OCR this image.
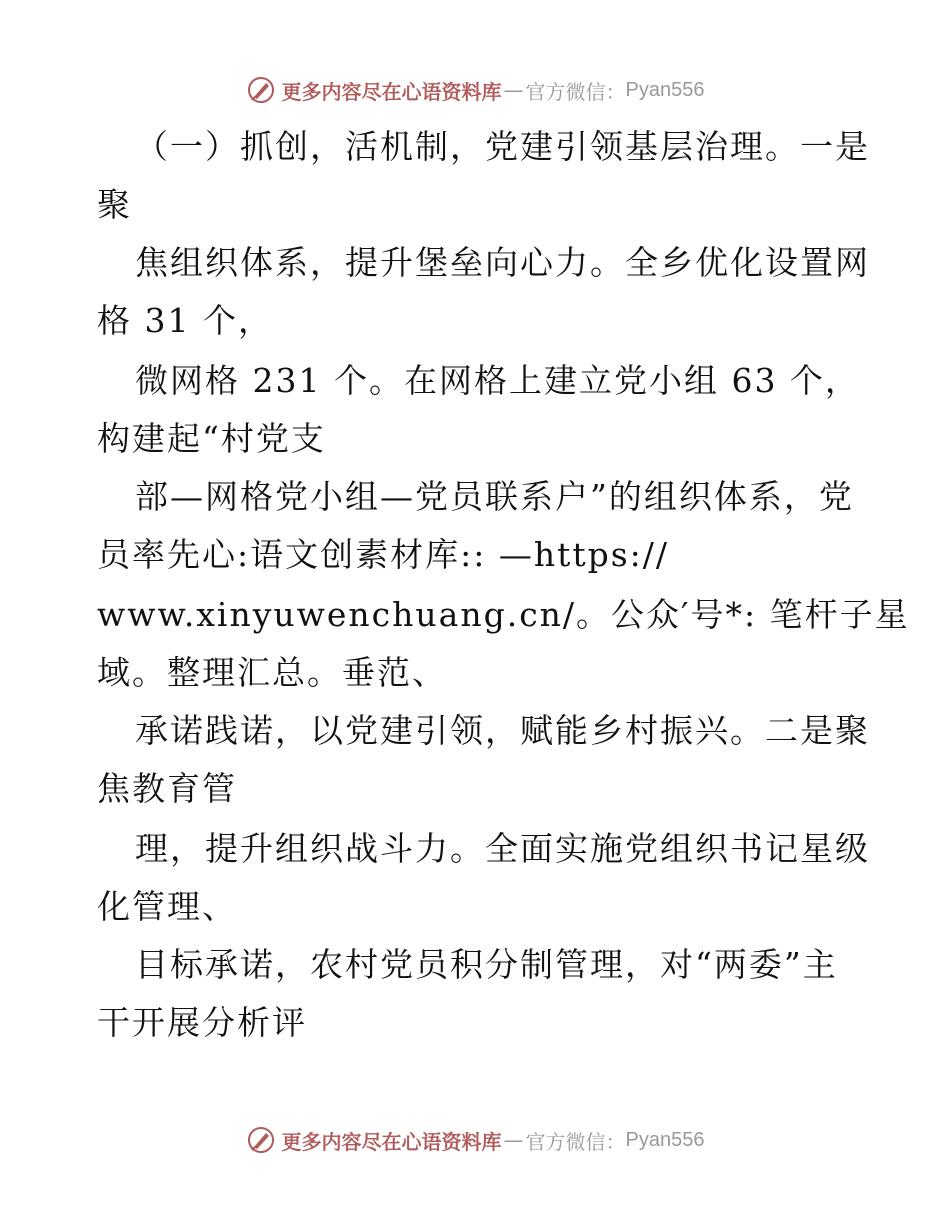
更多内容尽在心语资料库 — 官方微信： Pyan556
（一）抓创，活机制，党建引领基层治理。一是
聚
焦组织体系，提升堡垒向心力。全乡优化设置网
格 31 个，
微网格 231 个。在网格上建立党小组 63 个，
构建起“村党支
部—网格党小组—党员联系户”的组织体系，党
员率先心:语文创素材库:: —https://
www.xinyuwenchuang.cn/。公众′号*: 笔杆子星
域。整理汇总。垂范、
承诺践诺，以党建引领，赋能乡村振兴。二是聚
焦教育管
理，提升组织战斗力。全面实施党组织书记星级
化管理、
目标承诺，农村党员积分制管理，对“两委”主
干开展分析评
更多内容尽在心语资料库 — 官方微信： Pyan556
